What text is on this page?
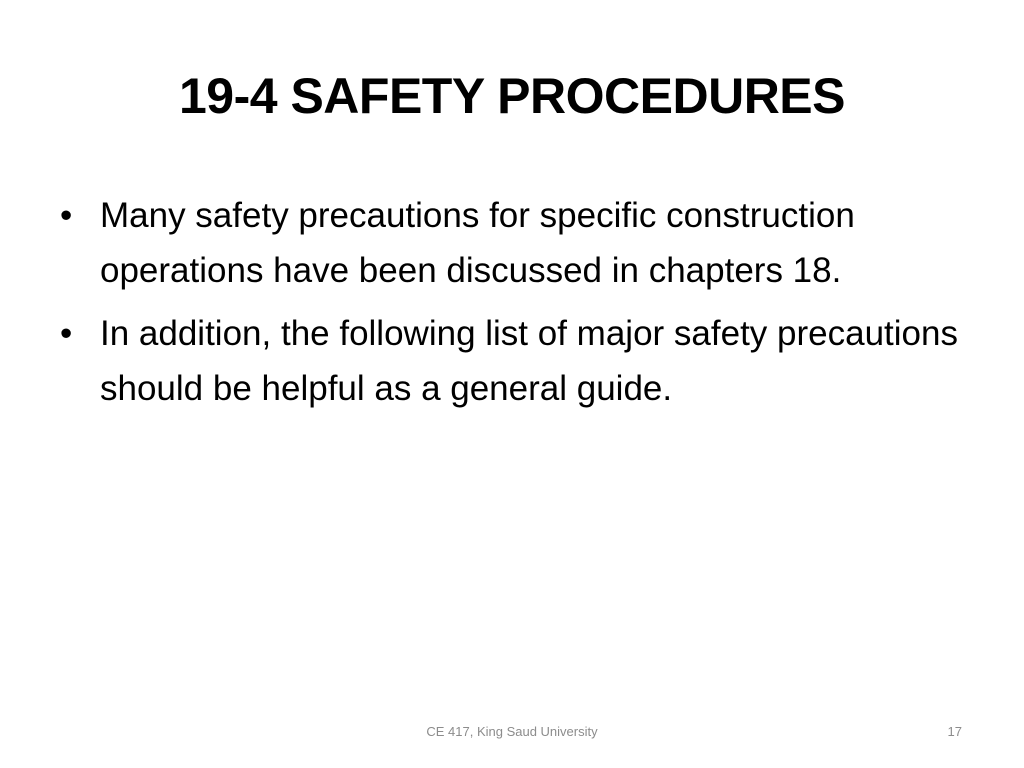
19-4 SAFETY PROCEDURES
• Many safety precautions for specific construction operations have been discussed in chapters 18.
• In addition, the following list of major safety precautions should be helpful as a general guide.
CE 417, King Saud University	17
